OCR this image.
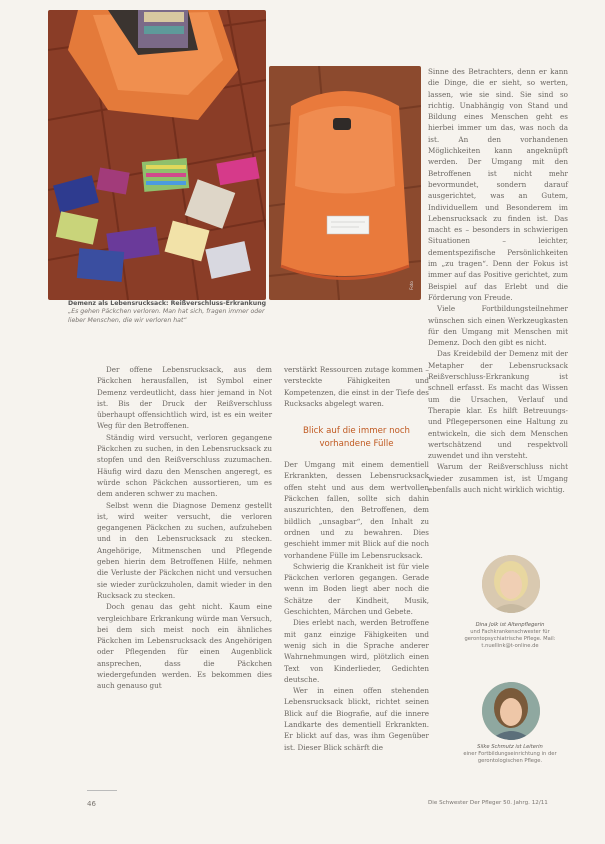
Foto
Demenz als Lebensrucksack: Reißverschluss-Erkrankung
„Es gehen Päckchen verloren. Man hat sich, fragen immer oder lieber Menschen, die wir verloren hat“

Sinne des Betrachters, denn er kann die Dinge, die er sieht, so werten, lassen, wie sie sind. Sie sind so richtig. Unabhängig von Stand und Bildung eines Menschen geht es hierbei immer um das, was noch da ist. An den vorhandenen Möglichkeiten kann angeknüpft werden. Der Umgang mit den Betroffenen ist nicht mehr bevormundet, sondern darauf ausgerichtet, was an Gutem, Individuellem und Besonderem im Lebensrucksack zu finden ist. Das macht es – besonders in schwierigen Situationen – leichter, dementspezifische Persönlichkeiten im „zu tragen“. Denn der Fokus ist immer auf das Positive gerichtet, zum Beispiel auf das Erlebt und die Förderung von Freude.

Viele Fortbildungsteilnehmer wünschen sich einen Werkzeugkasten für den Umgang mit Menschen mit Demenz. Doch den gibt es nicht.

Das Kreidebild der Demenz mit der Metapher der Lebensrucksack Reißverschluss-Erkrankung ist schnell erfasst. Es macht das Wissen um die Ursachen, Verlauf und Therapie klar. Es hilft Betreuungs- und Pflegepersonen eine Haltung zu entwickeln, die sich dem Menschen wertschätzend und respektvoll zuwendet und ihn versteht.

Warum der Reißverschluss nicht wieder zusammen ist, ist Umgang ebenfalls auch nicht wirklich wichtig.

Der offene Lebensrucksack, aus dem Päckchen herausfallen, ist Symbol einer Demenz verdeutlicht, dass hier jemand in Not ist. Bis der Druck der Reißverschluss überhaupt offensichtlich wird, ist es ein weiter Weg für den Betroffenen.

Ständig wird versucht, verloren gegangene Päckchen zu suchen, in den Lebensrucksack zu stopfen und den Reißverschluss zuzumachen. Häufig wird dazu den Menschen angeregt, es würde schon Päckchen aussortieren, um es dem anderen schwer zu machen.

Selbst wenn die Diagnose Demenz gestellt ist, wird weiter versucht, die verloren gegangenen Päckchen zu suchen, aufzuheben und in den Lebensrucksack zu stecken. Angehörige, Mitmenschen und Pflegende geben hierin dem Betroffenen Hilfe, nehmen die Verluste der Päckchen nicht und versuchen sie wieder zurückzuholen, damit wieder in den Rucksack zu stecken.

Doch genau das geht nicht. Kaum eine vergleichbare Erkrankung würde man Versuch, bei dem sich meist noch ein ähnliches Päckchen im Lebensrucksack des Angehörigen oder Pflegenden für einen Augenblick ansprechen, dass die Päckchen wiedergefunden werden. Es bekommen dies auch genauso gut

verstärkt Ressourcen zutage kommen – versteckte Fähigkeiten und Kompetenzen, die einst in der Tiefe des Rucksacks abgelegt waren.

Blick auf die immer noch vorhandene Fülle

Der Umgang mit einem dementiell Erkrankten, dessen Lebensrucksack offen steht und aus dem wertvollen Päckchen fallen, sollte sich dahin auszurichten, den Betroffenen, dem bildlich „unsagbar“, den Inhalt zu ordnen und zu bewahren. Dies geschieht immer mit Blick auf die noch vorhandene Fülle im Lebensrucksack.

Schwierig die Krankheit ist für viele Päckchen verloren gegangen. Gerade wenn im Boden liegt aber noch die Schätze der Kindheit, Musik, Geschichten, Märchen und Gebete.

Dies erlebt nach, werden Betroffene mit ganz einzige Fähigkeiten und wenig sich in die Sprache anderer Wahrnehmungen wird, plötzlich einen Text von Kinderlieder, Gedichten deutsche.

Wer in einen offen stehenden Lebensrucksack blickt, richtet seinen Blick auf die Biografie, auf die innere Landkarte des dementiell Erkrankten. Er blickt auf das, was ihm Gegenüber ist. Dieser Blick schärft die

Dina Jolk ist Altenpflegerin
und Fachkrankenschwester für gerontopsychiatrische Pflege. Mail: t.nuellink@t-online.de
Silke Schmutz ist Leiterin
einer Fortbildungseinrichtung in der gerontologischen Pflege.
46	Die Schwester Der Pfleger 50. Jahrg. 12/11
